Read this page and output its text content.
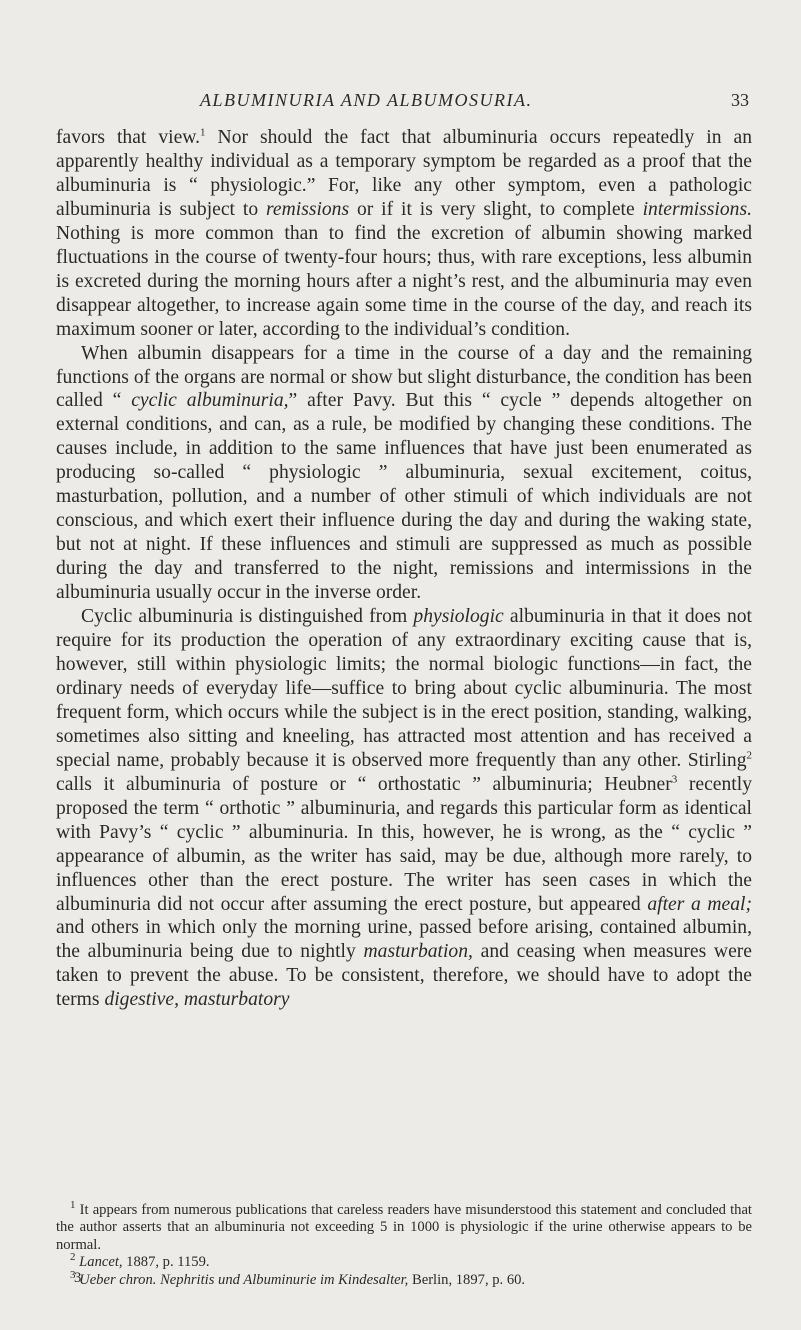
ALBUMINURIA AND ALBUMOSURIA.	33

favors that view.$^1$ Nor should the fact that albuminuria occurs repeatedly in an apparently healthy individual as a temporary symptom be regarded as a proof that the albuminuria is “ physiologic.” For, like any other symptom, even a pathologic albuminuria is subject to remissions or if it is very slight, to complete intermissions. Nothing is more common than to find the excretion of albumin showing marked fluctuations in the course of twenty-four hours; thus, with rare exceptions, less albumin is excreted during the morning hours after a night’s rest, and the albuminuria may even disappear altogether, to increase again some time in the course of the day, and reach its maximum sooner or later, according to the individual’s condition.

When albumin disappears for a time in the course of a day and the remaining functions of the organs are normal or show but slight disturbance, the condition has been called “ cyclic albuminuria,” after Pavy. But this “ cycle ” depends altogether on external conditions, and can, as a rule, be modified by changing these conditions. The causes include, in addition to the same influences that have just been enumerated as producing so-called “ physiologic ” albuminuria, sexual excitement, coitus, masturbation, pollution, and a number of other stimuli of which individuals are not conscious, and which exert their influence during the day and during the waking state, but not at night. If these influences and stimuli are suppressed as much as possible during the day and transferred to the night, remissions and intermissions in the albuminuria usually occur in the inverse order.

Cyclic albuminuria is distinguished from physiologic albuminuria in that it does not require for its production the operation of any extraordinary exciting cause that is, however, still within physiologic limits; the normal biologic functions—in fact, the ordinary needs of everyday life—suffice to bring about cyclic albuminuria. The most frequent form, which occurs while the subject is in the erect position, standing, walking, sometimes also sitting and kneeling, has attracted most attention and has received a special name, probably because it is observed more frequently than any other. Stirling$^2$ calls it albuminuria of posture or “ orthostatic ” albuminuria; Heubner$^3$ recently proposed the term “ orthotic ” albuminuria, and regards this particular form as identical with Pavy’s “ cyclic ” albuminuria. In this, however, he is wrong, as the “ cyclic ” appearance of albumin, as the writer has said, may be due, although more rarely, to influences other than the erect posture. The writer has seen cases in which the albuminuria did not occur after assuming the erect posture, but appeared after a meal; and others in which only the morning urine, passed before arising, contained albumin, the albuminuria being due to nightly masturbation, and ceasing when measures were taken to prevent the abuse. To be consistent, therefore, we should have to adopt the terms digestive, masturbatory

$^1$ It appears from numerous publications that careless readers have misunderstood this statement and concluded that the author asserts that an albuminuria not exceeding 5 in 1000 is physiologic if the urine otherwise appears to be normal.

$^2$ Lancet, 1887, p. 1159.

$^3$ Ueber chron. Nephritis und Albuminurie im Kindesalter, Berlin, 1897, p. 60.

3
